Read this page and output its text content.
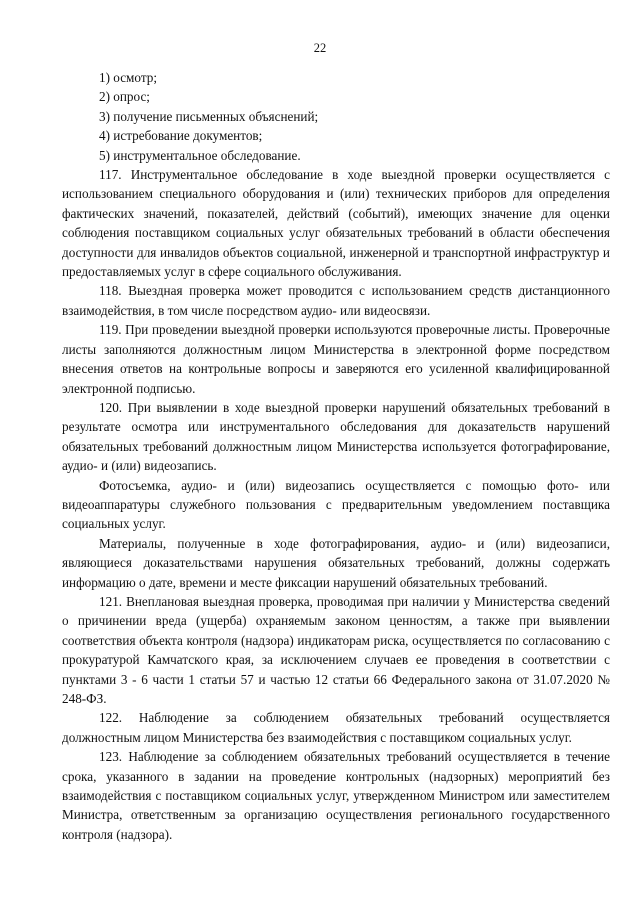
22
1) осмотр;
2) опрос;
3) получение письменных объяснений;
4) истребование документов;
5) инструментальное обследование.

117. Инструментальное обследование в ходе выездной проверки осуществляется с использованием специального оборудования и (или) технических приборов для определения фактических значений, показателей, действий (событий), имеющих значение для оценки соблюдения поставщиком социальных услуг обязательных требований в области обеспечения доступности для инвалидов объектов социальной, инженерной и транспортной инфраструктур и предоставляемых услуг в сфере социального обслуживания.

118. Выездная проверка может проводится с использованием средств дистанционного взаимодействия, в том числе посредством аудио- или видеосвязи.

119. При проведении выездной проверки используются проверочные листы. Проверочные листы заполняются должностным лицом Министерства в электронной форме посредством внесения ответов на контрольные вопросы и заверяются его усиленной квалифицированной электронной подписью.

120. При выявлении в ходе выездной проверки нарушений обязательных требований в результате осмотра или инструментального обследования для доказательств нарушений обязательных требований должностным лицом Министерства используется фотографирование, аудио- и (или) видеозапись.

Фотосъемка, аудио- и (или) видеозапись осуществляется с помощью фото- или видеоаппаратуры служебного пользования с предварительным уведомлением поставщика социальных услуг.

Материалы, полученные в ходе фотографирования, аудио- и (или) видеозаписи, являющиеся доказательствами нарушения обязательных требований, должны содержать информацию о дате, времени и месте фиксации нарушений обязательных требований.

121. Внеплановая выездная проверка, проводимая при наличии у Министерства сведений о причинении вреда (ущерба) охраняемым законом ценностям, а также при выявлении соответствия объекта контроля (надзора) индикаторам риска, осуществляется по согласованию с прокуратурой Камчатского края, за исключением случаев ее проведения в соответствии с пунктами 3 - 6 части 1 статьи 57 и частью 12 статьи 66 Федерального закона от 31.07.2020 № 248-ФЗ.

122. Наблюдение за соблюдением обязательных требований осуществляется должностным лицом Министерства без взаимодействия с поставщиком социальных услуг.

123. Наблюдение за соблюдением обязательных требований осуществляется в течение срока, указанного в задании на проведение контрольных (надзорных) мероприятий без взаимодействия с поставщиком социальных услуг, утвержденном Министром или заместителем Министра, ответственным за организацию осуществления регионального государственного контроля (надзора).
